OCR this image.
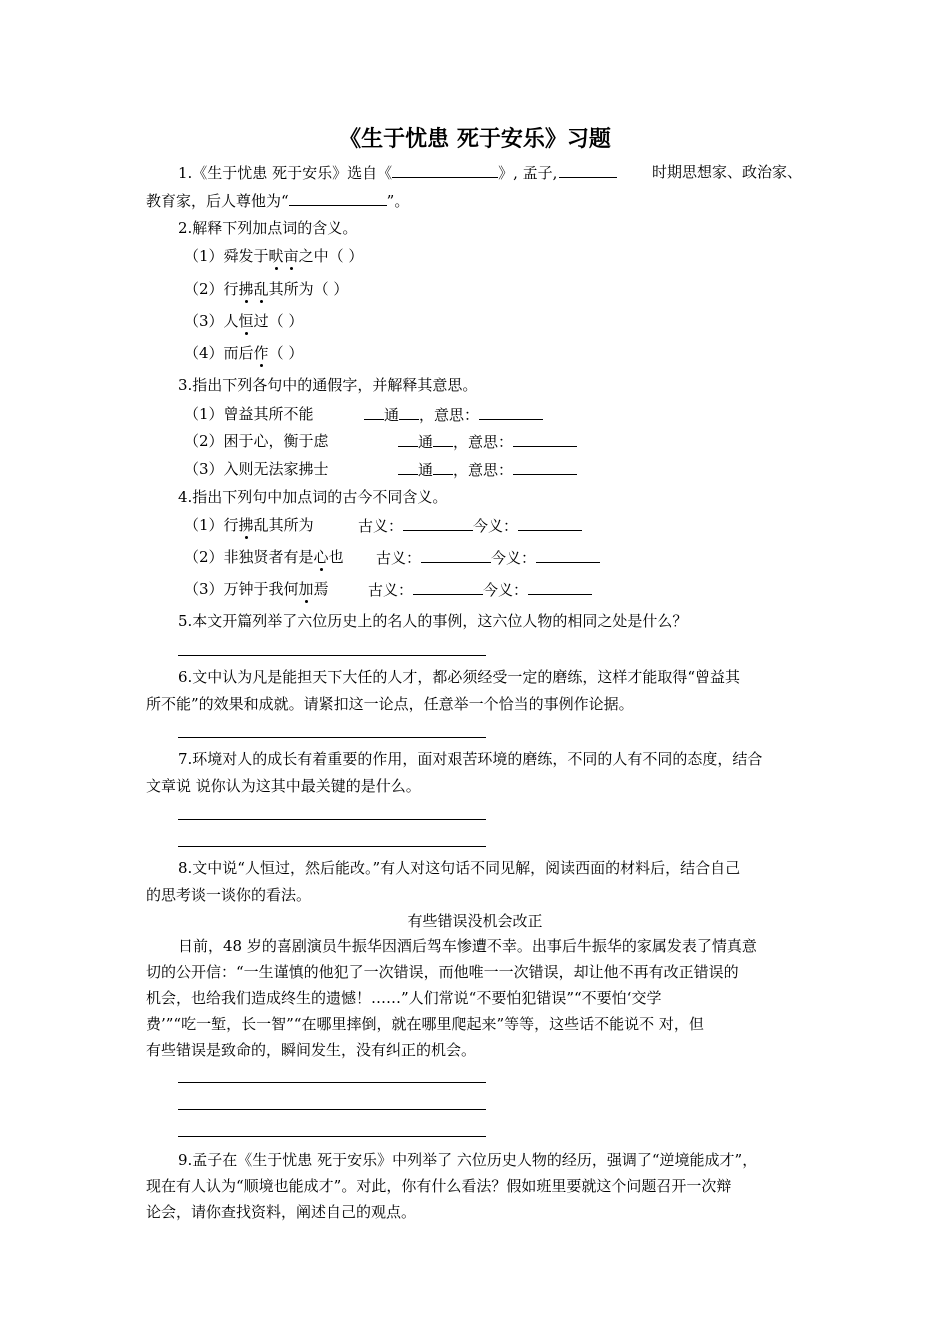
《生于忧患 死于安乐》习题
1.《生于忧患 死于安乐》选自《	》, 孟子,	时期思想家、政治家、
教育家，后人尊他为“	”。
2.解释下列加点词的含义。
（1）舜发于畎亩之中（ ）
（2）行拂乱其所为（ ）
（3）人恒过（ ）
（4）而后作（ ）
3.指出下列各句中的通假字，并解释其意思。
（1）曾益其所不能	通 ，意思：
（2）困于心，衡于虑	通 ，意思：
（3）入则无法家拂士	通 ，意思：
4.指出下列句中加点词的古今不同含义。
（1）行拂乱其所为	古义：	今义：
（2）非独贤者有是心也 古义：	今义：
（3）万钟于我何加焉	古义：	今义：
5.本文开篇列举了六位历史上的名人的事例，这六位人物的相同之处是什么？
6.文中认为凡是能担天下大任的人才，都必须经受一定的磨练，这样才能取得“曾益其
所不能”的效果和成就。请紧扣这一论点，任意举一个恰当的事例作论据。
7.环境对人的成长有着重要的作用，面对艰苦环境的磨练，不同的人有不同的态度，结合
文章说 说你认为这其中最关键的是什么。
8.文中说“人恒过，然后能改。”有人对这句话不同见解，阅读西面的材料后，结合自己
的思考谈一谈你的看法。
有些错误没机会改正
日前，48 岁的喜剧演员牛振华因酒后驾车惨遭不幸。出事后牛振华的家属发表了情真意
切的公开信：“一生谨慎的他犯了一次错误，而他唯一一次错误，却让他不再有改正错误的
机会，也给我们造成终生的遗憾！……”人们常说“不要怕犯错误”“不要怕‘交学
费’”“吃一堑，长一智”“在哪里摔倒，就在哪里爬起来”等等，这些话不能说不 对，但
有些错误是致命的，瞬间发生，没有纠正的机会。
9.孟子在《生于忧患 死于安乐》中列举了 六位历史人物的经历，强调了“逆境能成才”，
现在有人认为“顺境也能成才”。对此，你有什么看法？假如班里要就这个问题召开一次辩
论会，请你查找资料，阐述自己的观点。
